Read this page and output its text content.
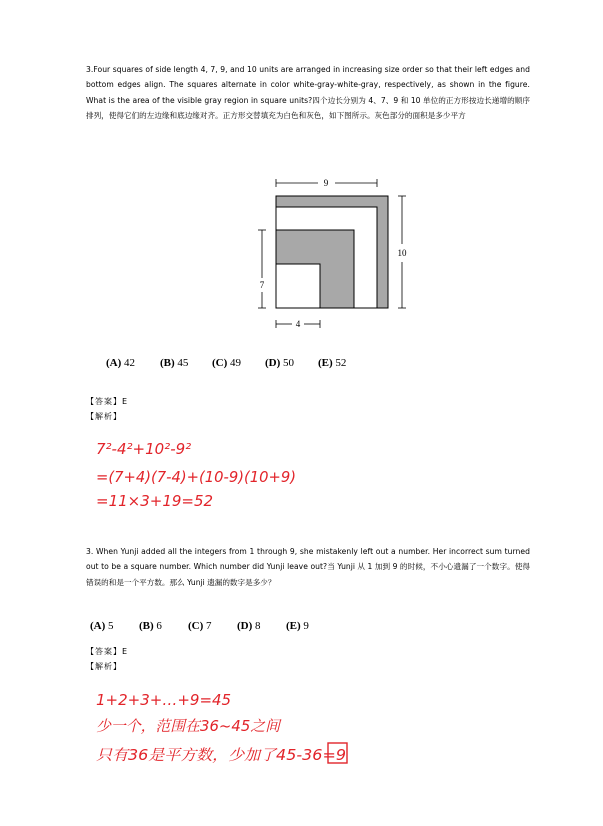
3.Four squares of side length 4, 7, 9, and 10 units are arranged in increasing size order so that their left edges and bottom edges align. The squares alternate in color white-gray-white-gray, respectively, as shown in the figure. What is the area of the visible gray region in square units?四个边长分别为 4、7、9 和 10 单位的正方形按边长递增的顺序排列，使得它们的左边缘和底边缘对齐。正方形交替填充为白色和灰色，如下图所示。灰色部分的面积是多少平方
9
10
7
4
7²-4²+10²-9²
=(7+4)(7-4)+(10-9)(10+9)
=11×3+19=52
1+2+3+…+9=45
少一个，范围在36~45之间
只有36是平方数，少加了45-36=9
(A) 42 (B) 45 (C) 49 (D) 50 (E) 52
【答案】E
【解析】
3. When Yunji added all the integers from 1 through 9, she mistakenly left out a number. Her incorrect sum turned out to be a square number. Which number did Yunji leave out?当 Yunji 从 1 加到 9 的时候，不小心遗漏了一个数字。使得错误的和是一个平方数。那么 Yunji 遗漏的数字是多少？
(A) 5 (B) 6 (C) 7 (D) 8 (E) 9
【答案】E
【解析】
